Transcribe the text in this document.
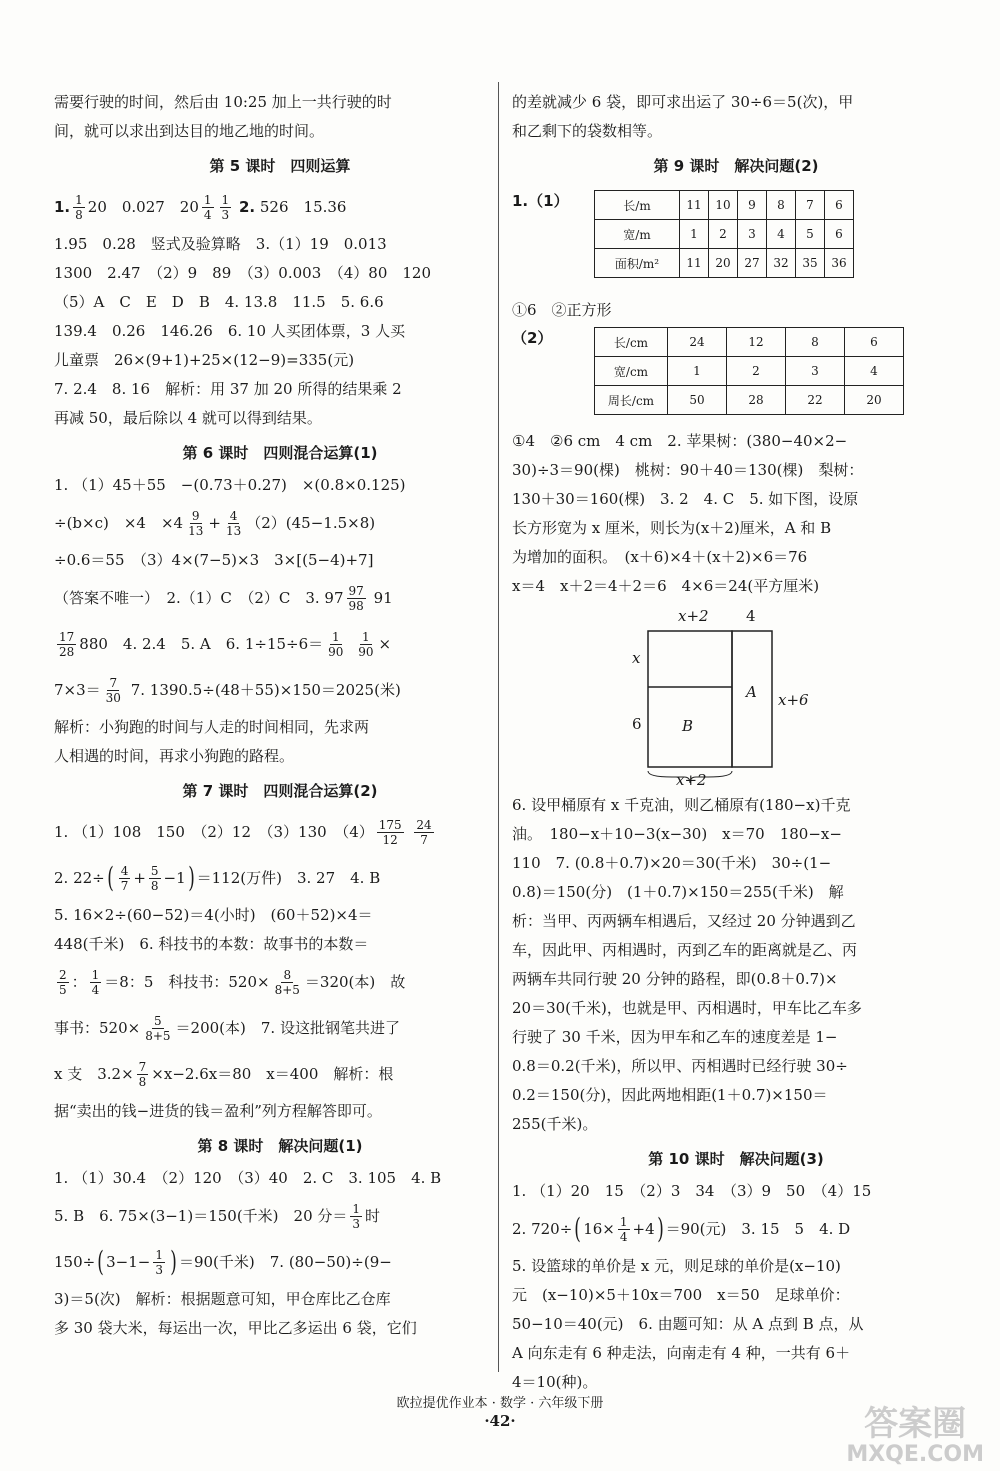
需要行驶的时间，然后由 10:25 加上一共行驶的时

间，就可以求出到达目的地乙地的时间。

第 5 课时　四则运算

1. $\frac{1}{8} 20$　0.027　$20 \frac{1}{4} \frac{1}{3}$
2.
526　15.36

1.95　0.28　竖式及验算略　3.（1）19　0.013

1300　2.47　（2）9　89　（3）0.003　（4）80　120

（5）A　C　E　D　B　4. 13.8　11.5　5. 6.6

139.4　0.26　146.26　6. 10 人买团体票，3 人买

儿童票　26×(9+1)+25×(12−9)=335(元)

7. 2.4　8. 16　解析：用 37 加 20 所得的结果乘 2

再减 50，最后除以 4 就可以得到结果。

第 6 课时　四则混合运算(1)

1. （1）45＋55　−(0.73＋0.27)　×(0.8×0.125)

÷(b×c)　×4　$\times 4 \frac{9}{13} + \frac{4}{13} (2)(45-1.5\times 8)$

÷0.6＝55　（3）4×(7−5)×3　3×[(5−4)+7]

（答案不唯一）　2.（1）C　（2）C　3. $97 \frac{97}{98}$
91

$\frac{17}{28} 880$　4. 2.4　5. A　6. $1\div 15\div 6= \frac{1}{90}$
$\frac{1}{90}$ ×

$7\times 3= \frac{7}{30}$
7. 1390.5÷(48＋55)×150＝2025(米)

解析：小狗跑的时间与人走的时间相同，先求两

人相遇的时间，再求小狗跑的路程。

第 7 课时　四则混合运算(2)

1. （1）108　150　（2）12　（3）130　$(4) \frac{175}{12}$
$\frac{24}{7}$

2. 22÷ ( $\frac{4}{7} + \frac{5}{8} -1$ ) ＝112(万件)　3. 27　4. B

5. 16×2÷(60−52)＝4(小时)　(60＋52)×4＝

448(千米)　6. 科技书的本数：故事书的本数＝

$\frac{2}{5}$ ： $\frac{1}{4} =8$：5　科技书：$520\times \frac{8}{8+5} =320$(本)　故

事书：$520\times \frac{5}{8+5} =200$(本)　7. 设这批钢笔共进了

x 支　$3.2\times \frac{7}{8} \times x-2.6x=80$　x＝400　解析：根

据“卖出的钱−进货的钱＝盈利”列方程解答即可。

第 8 课时　解决问题(1)

1. （1）30.4　（2）120　（3）40　2. C　3. 105　4. B

5. B　6. 75×(3−1)＝150(千米)　20 分＝ $\frac{1}{3}$ 时

150÷ ( $3-1- \frac{1}{3}$ ) ＝90(千米)　7. (80−50)÷(9−

3)＝5(次)　解析：根据题意可知，甲仓库比乙仓库

多 30 袋大米，每运出一次，甲比乙多运出 6 袋，它们

的差就减少 6 袋，即可求出运了 30÷6＝5(次)，甲

和乙剩下的袋数相等。

第 9 课时　解决问题(2)
1.（1）	长/m	11	10	9	8	7	6
宽/m	1	2	3	4	5	6
面积/m²	11	20	27	32	35	36

①6　②正方形

（2）	长/cm	24	12	8	6
宽/cm	1	2	3	4
周长/cm	50	28	22	20

①4　②6 cm　4 cm　2. 苹果树：(380−40×2−

30)÷3＝90(棵)　桃树：90＋40＝130(棵)　梨树：

130＋30＝160(棵)　3. 2　4. C　5. 如下图，设原

长方形宽为 x 厘米，则长为(x＋2)厘米，A 和 B

为增加的面积。　(x＋6)×4＋(x＋2)×6＝76

x＝4　x＋2＝4＋2＝6　4×6＝24(平方厘米)

x+2 4
x
x+6
6
A
B
x+2

6. 设甲桶原有 x 千克油，则乙桶原有(180−x)千克

油。　180−x＋10−3(x−30)　x＝70　180−x−

110　7. (0.8＋0.7)×20＝30(千米)　30÷(1−

0.8)＝150(分)　(1＋0.7)×150＝255(千米)　解

析：当甲、丙两辆车相遇后，又经过 20 分钟遇到乙

车，因此甲、丙相遇时，丙到乙车的距离就是乙、丙

两辆车共同行驶 20 分钟的路程，即(0.8＋0.7)×

20＝30(千米)，也就是甲、丙相遇时，甲车比乙车多

行驶了 30 千米，因为甲车和乙车的速度差是 1−

0.8＝0.2(千米)，所以甲、丙相遇时已经行驶 30÷

0.2＝150(分)，因此两地相距(1＋0.7)×150＝

255(千米)。

第 10 课时　解决问题(3)

1. （1）20　15　（2）3　34　（3）9　50　（4）15

2. 720÷ ( $16\times \frac{1}{4} +4$ ) ＝90(元)　3. 15　5　4. D

5. 设篮球的单价是 x 元，则足球的单价是(x−10)

元　(x−10)×5＋10x＝700　x＝50　足球单价：

50−10＝40(元)　6. 由题可知：从 A 点到 B 点，从

A 向东走有 6 种走法，向南走有 4 种，一共有 6＋

4＝10(种)。

欧拉提优作业本 · 数学 · 六年级下册
·42·	答案圈
MXQE.COM
